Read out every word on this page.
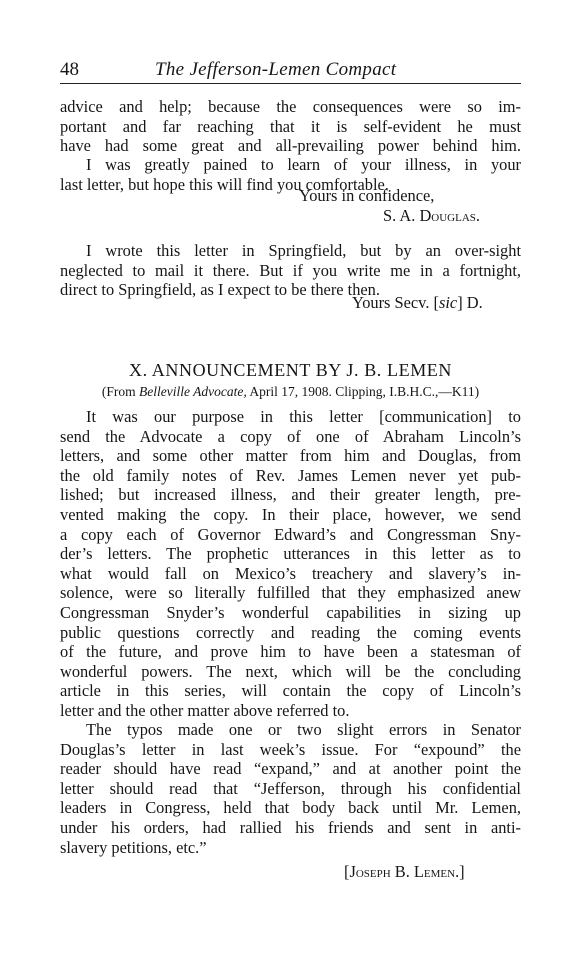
48	The Jefferson-Lemen Compact
advice and help; because the consequences were so im-
portant and far reaching that it is self-evident he must
have had some great and all-prevailing power behind him.
I was greatly pained to learn of your illness, in your
last letter, but hope this will find you comfortable.
Yours in confidence,
S. A. Douglas.
I wrote this letter in Springfield, but by an over-sight
neglected to mail it there. But if you write me in a fortnight,
direct to Springfield, as I expect to be there then.
Yours Secv. [sic] D.
X. ANNOUNCEMENT BY J. B. LEMEN
(From Belleville Advocate, April 17, 1908. Clipping, I.B.H.C.,—K11)
It was our purpose in this letter [communication] to
send the Advocate a copy of one of Abraham Lincoln’s
letters, and some other matter from him and Douglas, from
the old family notes of Rev. James Lemen never yet pub-
lished; but increased illness, and their greater length, pre-
vented making the copy. In their place, however, we send
a copy each of Governor Edward’s and Congressman Sny-
der’s letters. The prophetic utterances in this letter as to
what would fall on Mexico’s treachery and slavery’s in-
solence, were so literally fulfilled that they emphasized anew
Congressman Snyder’s wonderful capabilities in sizing up
public questions correctly and reading the coming events
of the future, and prove him to have been a statesman of
wonderful powers. The next, which will be the concluding
article in this series, will contain the copy of Lincoln’s
letter and the other matter above referred to.
The typos made one or two slight errors in Senator
Douglas’s letter in last week’s issue. For “expound” the
reader should have read “expand,” and at another point the
letter should read that “Jefferson, through his confidential
leaders in Congress, held that body back until Mr. Lemen,
under his orders, had rallied his friends and sent in anti-
slavery petitions, etc.”
[Joseph B. Lemen.]
